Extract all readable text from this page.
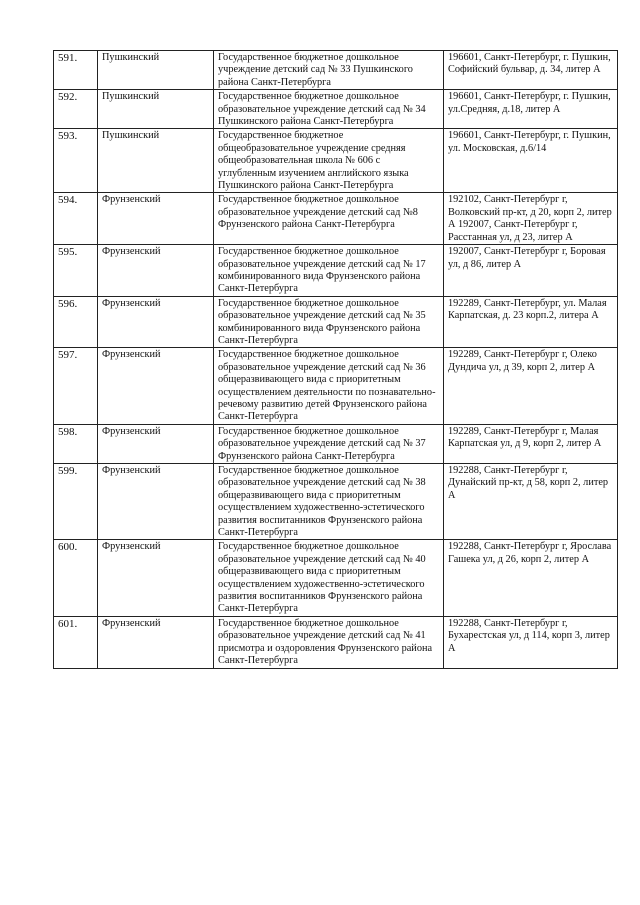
591.	Пушкинский	Государственное бюджетное дошкольное учреждение детский сад № 33 Пушкинского района Санкт-Петербурга	196601, Санкт-Петербург, г. Пушкин, Софийский бульвар, д. 34, литер А
592.	Пушкинский	Государственное бюджетное дошкольное образовательное учреждение детский сад № 34 Пушкинского района Санкт-Петербурга	196601, Санкт-Петербург, г. Пушкин, ул.Средняя, д.18, литер А
593.	Пушкинский	Государственное бюджетное общеобразовательное учреждение средняя общеобразовательная школа № 606 с углубленным изучением английского языка Пушкинского района Санкт-Петербурга	196601, Санкт-Петербург, г. Пушкин, ул. Московская, д.6/14
594.	Фрунзенский	Государственное бюджетное дошкольное образовательное учреждение детский сад №8 Фрунзенского района Санкт-Петербурга	192102, Санкт-Петербург г, Волковский пр-кт, д 20, корп 2, литер А 192007, Санкт-Петербург г, Расстанная ул, д 23, литер А
595.	Фрунзенский	Государственное бюджетное дошкольное образовательное учреждение детский сад № 17 комбинированного вида Фрунзенского района Санкт-Петербурга	192007, Санкт-Петербург г, Боровая ул, д 86, литер А
596.	Фрунзенский	Государственное бюджетное дошкольное образовательное учреждение детский сад № 35 комбинированного вида Фрунзенского района Санкт-Петербурга	192289, Санкт-Петербург, ул. Малая Карпатская, д. 23 корп.2, литера А
597.	Фрунзенский	Государственное бюджетное дошкольное образовательное учреждение детский сад № 36 общеразвивающего вида с приоритетным осуществлением деятельности по познавательно-речевому развитию детей Фрунзенского района Санкт-Петербурга	192289, Санкт-Петербург г, Олеко Дундича ул, д 39, корп 2, литер А
598.	Фрунзенский	Государственное бюджетное дошкольное образовательное учреждение детский сад № 37 Фрунзенского района Санкт-Петербурга	192289, Санкт-Петербург г, Малая Карпатская ул, д 9, корп 2, литер А
599.	Фрунзенский	Государственное бюджетное дошкольное образовательное учреждение детский сад № 38 общеразвивающего вида с приоритетным осуществлением художественно-эстетического развития воспитанников Фрунзенского района Санкт-Петербурга	192288, Санкт-Петербург г, Дунайский пр-кт, д 58, корп 2, литер А
600.	Фрунзенский	Государственное бюджетное дошкольное образовательное учреждение детский сад № 40 общеразвивающего вида с приоритетным осуществлением художественно-эстетического развития воспитанников Фрунзенского района Санкт-Петербурга	192288, Санкт-Петербург г, Ярослава Гашека ул, д 26, корп 2, литер А
601.	Фрунзенский	Государственное бюджетное дошкольное образовательное учреждение детский сад № 41 присмотра и оздоровления Фрунзенского района Санкт-Петербурга	192288, Санкт-Петербург г, Бухарестская ул, д 114, корп 3, литер А
